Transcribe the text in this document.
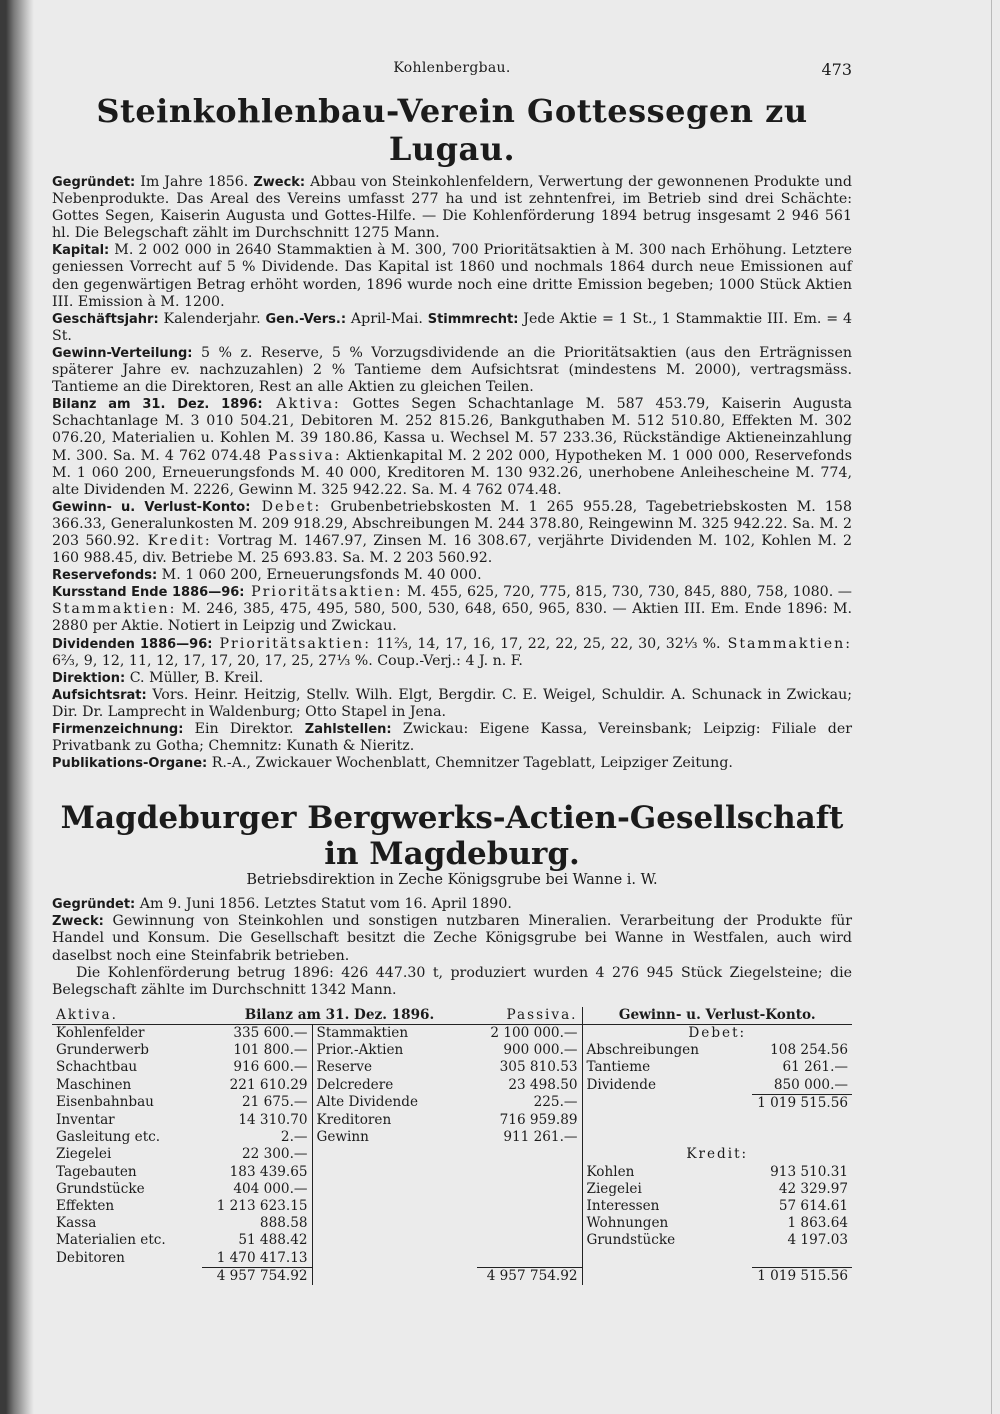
Kohlenbergbau.	473
Steinkohlenbau-Verein Gottessegen zu Lugau.

Gegründet: Im Jahre 1856. Zweck: Abbau von Steinkohlenfeldern, Verwertung der gewonnenen Produkte und Nebenprodukte. Das Areal des Vereins umfasst 277 ha und ist zehntenfrei, im Betrieb sind drei Schächte: Gottes Segen, Kaiserin Augusta und Gottes-Hilfe. — Die Kohlenförderung 1894 betrug insgesamt 2 946 561 hl. Die Belegschaft zählt im Durchschnitt 1275 Mann.

Kapital: M. 2 002 000 in 2640 Stammaktien à M. 300, 700 Prioritätsaktien à M. 300 nach Erhöhung. Letztere geniessen Vorrecht auf 5 % Dividende. Das Kapital ist 1860 und nochmals 1864 durch neue Emissionen auf den gegenwärtigen Betrag erhöht worden, 1896 wurde noch eine dritte Emission begeben; 1000 Stück Aktien III. Emission à M. 1200.

Geschäftsjahr: Kalenderjahr. Gen.-Vers.: April-Mai. Stimmrecht: Jede Aktie = 1 St., 1 Stammaktie III. Em. = 4 St.

Gewinn-Verteilung: 5 % z. Reserve, 5 % Vorzugsdividende an die Prioritätsaktien (aus den Erträgnissen späterer Jahre ev. nachzuzahlen) 2 % Tantieme dem Aufsichtsrat (mindestens M. 2000), vertragsmäss. Tantieme an die Direktoren, Rest an alle Aktien zu gleichen Teilen.

Bilanz am 31. Dez. 1896: Aktiva: Gottes Segen Schachtanlage M. 587 453.79, Kaiserin Augusta Schachtanlage M. 3 010 504.21, Debitoren M. 252 815.26, Bankguthaben M. 512 510.80, Effekten M. 302 076.20, Materialien u. Kohlen M. 39 180.86, Kassa u. Wechsel M. 57 233.36, Rückständige Aktieneinzahlung M. 300. Sa. M. 4 762 074.48 Passiva: Aktienkapital M. 2 202 000, Hypotheken M. 1 000 000, Reservefonds M. 1 060 200, Erneuerungsfonds M. 40 000, Kreditoren M. 130 932.26, unerhobene Anleihescheine M. 774, alte Dividenden M. 2226, Gewinn M. 325 942.22. Sa. M. 4 762 074.48.

Gewinn- u. Verlust-Konto: Debet: Grubenbetriebskosten M. 1 265 955.28, Tagebetriebskosten M. 158 366.33, Generalunkosten M. 209 918.29, Abschreibungen M. 244 378.80, Reingewinn M. 325 942.22. Sa. M. 2 203 560.92. Kredit: Vortrag M. 1467.97, Zinsen M. 16 308.67, verjährte Dividenden M. 102, Kohlen M. 2 160 988.45, div. Betriebe M. 25 693.83. Sa. M. 2 203 560.92.

Reservefonds: M. 1 060 200, Erneuerungsfonds M. 40 000.

Kursstand Ende 1886—96: Prioritätsaktien: M. 455, 625, 720, 775, 815, 730, 730, 845, 880, 758, 1080. — Stammaktien: M. 246, 385, 475, 495, 580, 500, 530, 648, 650, 965, 830. — Aktien III. Em. Ende 1896: M. 2880 per Aktie. Notiert in Leipzig und Zwickau.

Dividenden 1886—96: Prioritätsaktien: 11⅔, 14, 17, 16, 17, 22, 22, 25, 22, 30, 32⅓ %. Stammaktien: 6⅔, 9, 12, 11, 12, 17, 17, 20, 17, 25, 27⅓ %. Coup.-Verj.: 4 J. n. F.

Direktion: C. Müller, B. Kreil.

Aufsichtsrat: Vors. Heinr. Heitzig, Stellv. Wilh. Elgt, Bergdir. C. E. Weigel, Schuldir. A. Schunack in Zwickau; Dir. Dr. Lamprecht in Waldenburg; Otto Stapel in Jena.

Firmenzeichnung: Ein Direktor. Zahlstellen: Zwickau: Eigene Kassa, Vereinsbank; Leipzig: Filiale der Privatbank zu Gotha; Chemnitz: Kunath & Nieritz.

Publikations-Organe: R.-A., Zwickauer Wochenblatt, Chemnitzer Tageblatt, Leipziger Zeitung.

Magdeburger Bergwerks-Actien-Gesellschaft in Magdeburg.
Betriebsdirektion in Zeche Königsgrube bei Wanne i. W.

Gegründet: Am 9. Juni 1856. Letztes Statut vom 16. April 1890.

Zweck: Gewinnung von Steinkohlen und sonstigen nutzbaren Mineralien. Verarbeitung der Produkte für Handel und Konsum. Die Gesellschaft besitzt die Zeche Königsgrube bei Wanne in Westfalen, auch wird daselbst noch eine Steinfabrik betrieben.

Die Kohlenförderung betrug 1896: 426 447.30 t, produziert wurden 4 276 945 Stück Ziegelsteine; die Belegschaft zählte im Durchschnitt 1342 Mann.

Aktiva.	Bilanz am 31. Dez. 1896.		Passiva.	Gewinn- u. Verlust-Konto.	
Kohlenfelder	335 600.—	Stammaktien	2 100 000.—	Debet:	
Grunderwerb	101 800.—	Prior.-Aktien	900 000.—	Abschreibungen	108 254.56
Schachtbau	916 600.—	Reserve	305 810.53	Tantieme	61 261.—
Maschinen	221 610.29	Delcredere	23 498.50	Dividende	850 000.—
Eisenbahnbau	21 675.—	Alte Dividende	225.—		1 019 515.56
Inventar	14 310.70	Kreditoren	716 959.89		
Gasleitung etc.	2.—	Gewinn	911 261.—		
Ziegelei	22 300.—			Kredit:	
Tagebauten	183 439.65			Kohlen	913 510.31
Grundstücke	404 000.—			Ziegelei	42 329.97
Effekten	1 213 623.15			Interessen	57 614.61
Kassa	888.58			Wohnungen	1 863.64
Materialien etc.	51 488.42			Grundstücke	4 197.03
Debitoren	1 470 417.13				
	4 957 754.92		4 957 754.92		1 019 515.56
